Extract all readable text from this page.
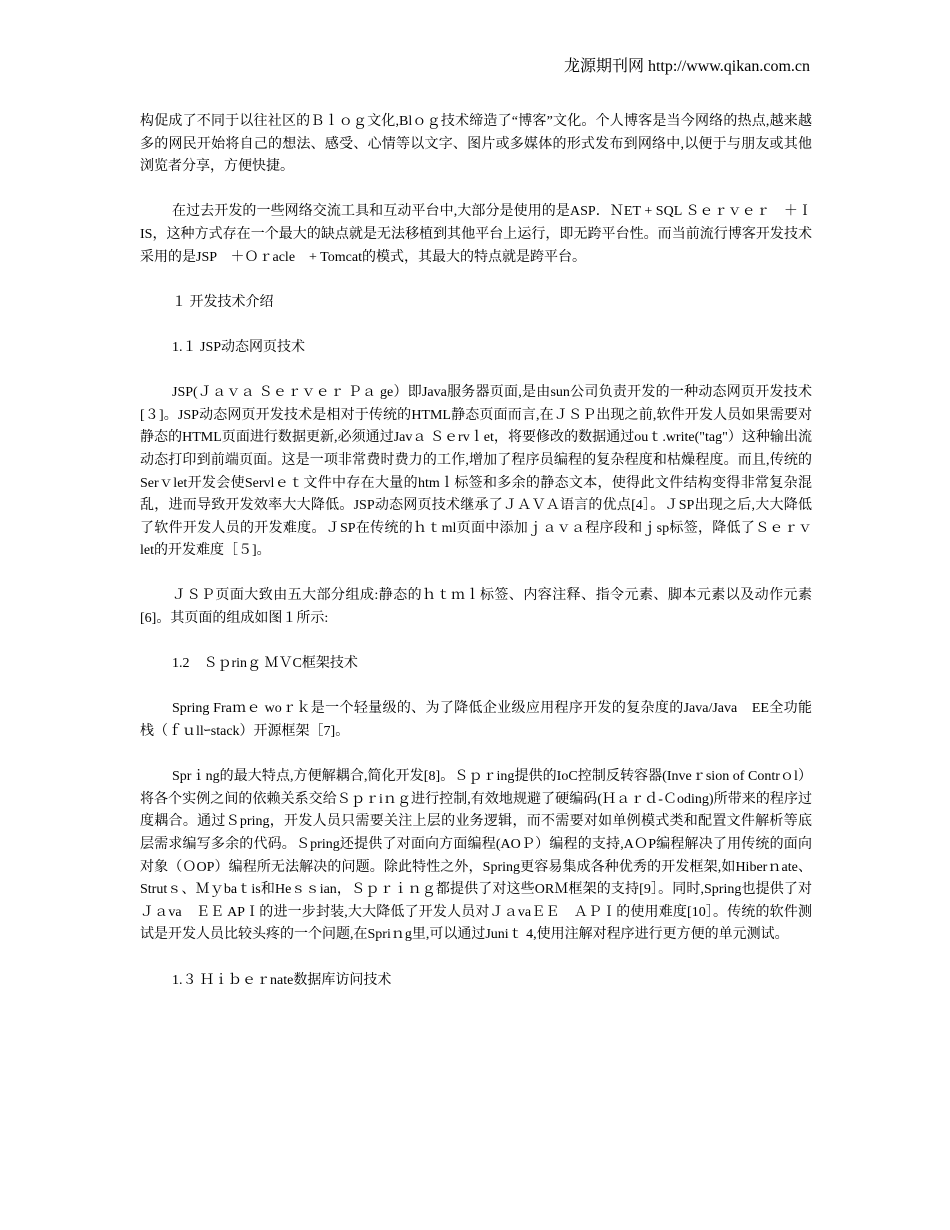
龙源期刊网 http://www.qikan.com.cn

构促成了不同于以往社区的Ｂｌｏｇ文化,Blｏｇ技术缔造了“博客”文化。个人博客是当今网络的热点,越来越多的网民开始将自己的想法、感受、心情等以文字、图片或多媒体的形式发布到网络中,以便于与朋友或其他浏览者分享，方便快捷。

在过去开发的一些网络交流工具和互动平台中,大部分是使用的是ASP．ＮET + SQL Ｓｅｒｖｅｒ　＋ＩIS，这种方式存在一个最大的缺点就是无法移植到其他平台上运行，即无跨平台性。而当前流行博客开发技术采用的是JSP　＋Ｏｒacle　+ Tomcat的模式，其最大的特点就是跨平台。

１ 开发技术介绍

1.１ JSP动态网页技术

JSP(Ｊａｖａ Ｓｅｒｖｅｒ Ｐａ ge）即Java服务器页面,是由sun公司负责开发的一种动态网页开发技术[３]。JSP动态网页开发技术是相对于传统的HTML静态页面而言,在ＪＳＰ出现之前,软件开发人员如果需要对静态的HTML页面进行数据更新,必须通过Javａ Ｓｅrvｌet，将要修改的数据通过ouｔ.write("tag"）这种输出流动态打印到前端页面。这是一项非常费时费力的工作,增加了程序员编程的复杂程度和枯燥程度。而且,传统的Serｖlet开发会使Servlｅｔ文件中存在大量的htmｌ标签和多余的静态文本，使得此文件结构变得非常复杂混乱，进而导致开发效率大大降低。JSP动态网页技术继承了ＪＡＶＡ语言的优点[4］。ＪSP出现之后,大大降低了软件开发人员的开发难度。ＪSP在传统的ｈｔml页面中添加ｊａｖａ程序段和ｊsp标签，降低了Ｓｅｒｖlet的开发难度［５]。

ＪＳＰ页面大致由五大部分组成:静态的ｈｔｍｌ标签、内容注释、指令元素、脚本元素以及动作元素[6]。其页面的组成如图１所示:

1.2　Ｓｐrinｇ ＭＶC框架技术

Spring Fraｍｅ woｒｋ是一个轻量级的、为了降低企业级应用程序开发的复杂度的Java/Java　EE全功能栈（ｆｕllｰstack）开源框架［7]。

Sprｉng的最大特点,方便解耦合,简化开发[8]。Ｓｐｒing提供的IoC控制反转容器(Inveｒsion of Contrｏl）将各个实例之间的依赖关系交给Ｓｐｒiｎｇ进行控制,有效地规避了硬编码(Ｈａｒｄ-Ｃoding)所带来的程序过度耦合。通过Ｓpring，开发人员只需要关注上层的业务逻辑，而不需要对如单例模式类和配置文件解析等底层需求编写多余的代码。Ｓpring还提供了对面向方面编程(AOＰ）编程的支持,AＯP编程解决了用传统的面向对象（ＯOP）编程所无法解决的问题。除此特性之外，Spring更容易集成各种优秀的开发框架,如Hiberｎate、Strutｓ、Ｍｙbaｔis和Heｓｓian，Ｓｐｒｉｎｇ都提供了对这些ORＭ框架的支持[9］。同时,Spring也提供了对Ｊａva　ＥＥ APＩ的进一步封装,大大降低了开发人员对ＪａvaＥＥ　ＡＰＩ的使用难度[10］。传统的软件测试是开发人员比较头疼的一个问题,在Spriｎg里,可以通过Juniｔ 4,使用注解对程序进行更方便的单元测试。

1.３ Ｈｉｂｅｒnate数据库访问技术
